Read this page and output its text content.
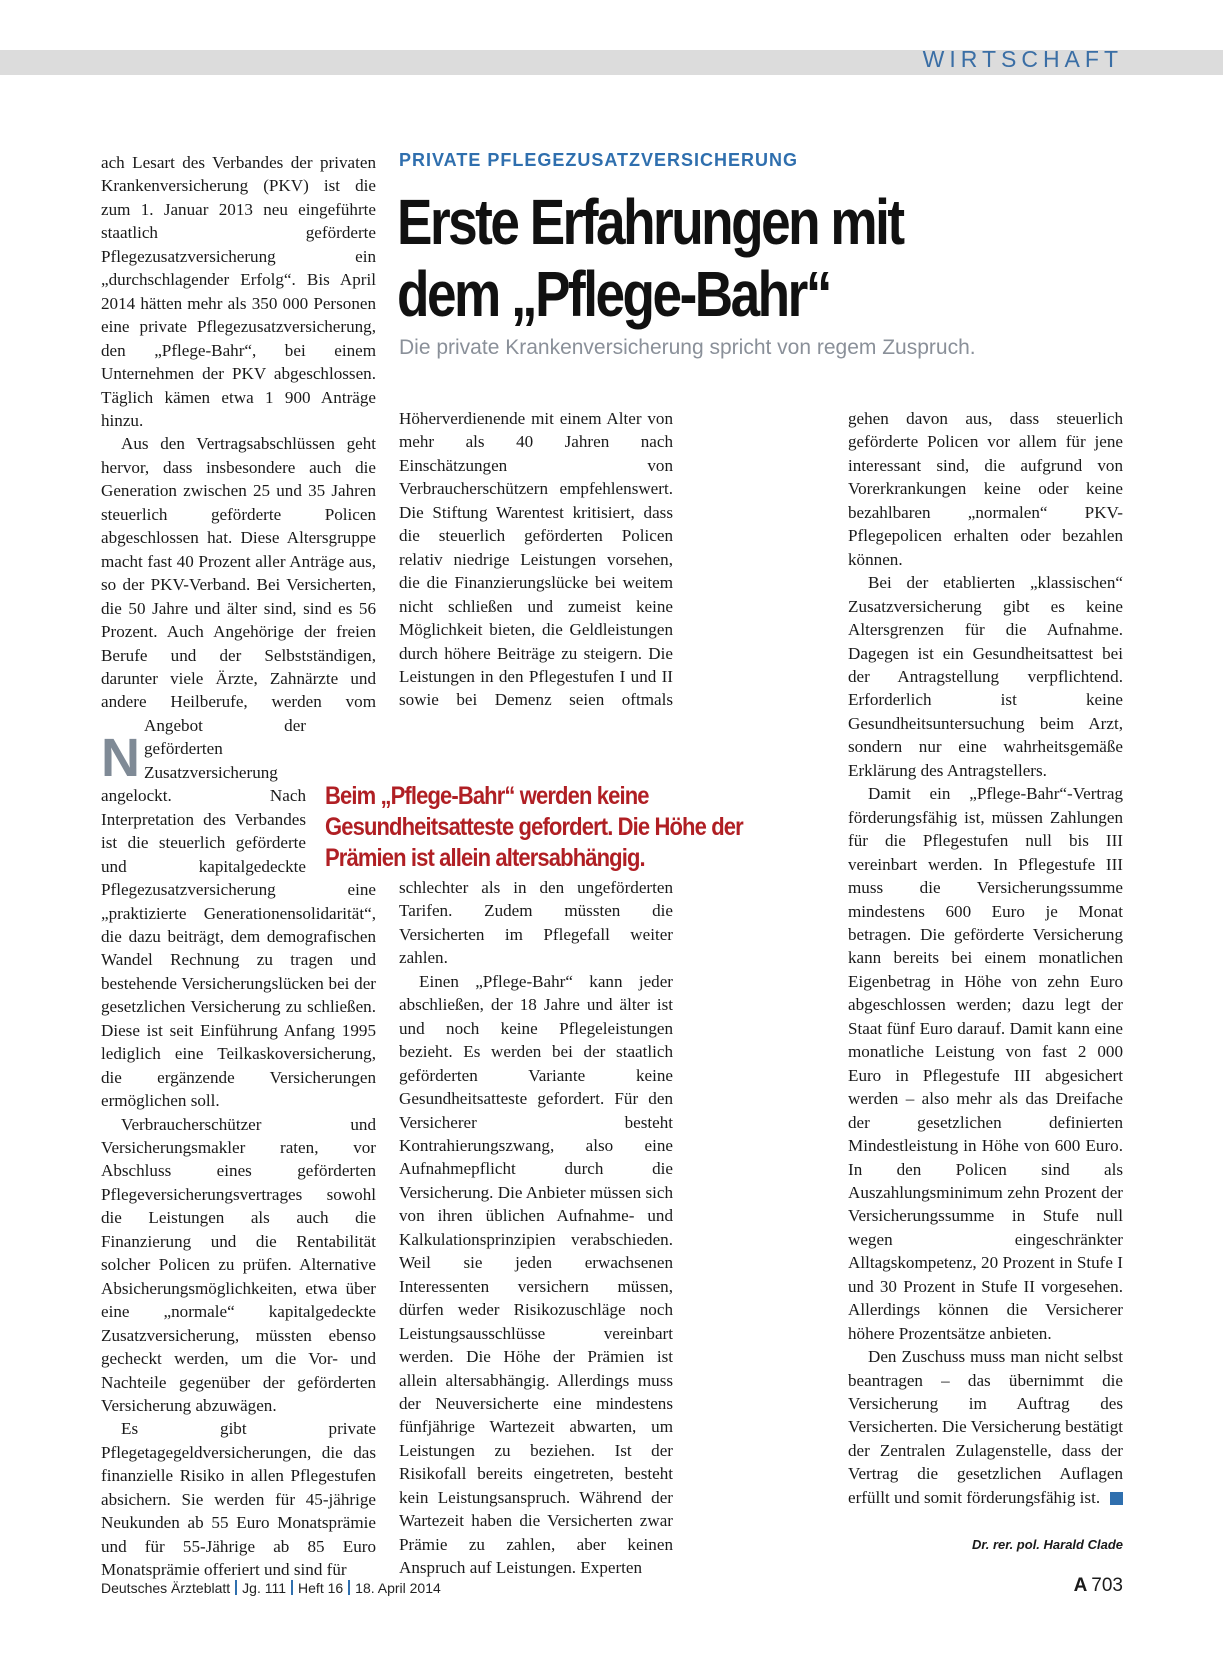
WIRTSCHAFT

N
ach Lesart des Verbandes der privaten Krankenversicherung (PKV) ist die zum 1. Januar 2013 neu eingeführte staatlich geförderte Pflegezusatzversicherung ein „durchschlagender Erfolg“. Bis April 2014 hätten mehr als 350 000 Personen eine private Pflegezusatzversicherung, den „Pflege-Bahr“, bei einem Unternehmen der PKV abgeschlossen. Täglich kämen etwa 1 900 Anträge hinzu.

Aus den Vertragsabschlüssen geht hervor, dass insbesondere auch die Generation zwischen 25 und 35 Jahren steuerlich geförderte Policen abgeschlossen hat. Diese Altersgruppe macht fast 40 Prozent aller Anträge aus, so der PKV-Verband. Bei Versicherten, die 50 Jahre und älter sind, sind es 56 Prozent. Auch Angehörige der freien Berufe und der Selbstständigen, darunter viele Ärzte, Zahnärzte und andere Heilberufe, werden vom Angebot der geförderten Zusatzversicherung angelockt. Nach Interpretation des Verbandes ist die steuerlich geförderte und kapitalgedeckte Pflegezusatzversicherung eine „praktizierte Generationensolidarität“, die dazu beiträgt, dem demografischen Wandel Rechnung zu tragen und bestehende Versicherungslücken bei der gesetzlichen Versicherung zu schließen. Diese ist seit Einführung Anfang 1995 lediglich eine Teilkaskoversicherung, die ergänzende Versicherungen ermöglichen soll.

Verbraucherschützer und Versicherungsmakler raten, vor Abschluss eines geförderten Pflegeversicherungsvertrages sowohl die Leistungen als auch die Finanzierung und die Rentabilität solcher Policen zu prüfen. Alternative Absicherungsmöglichkeiten, etwa über eine „normale“ kapitalgedeckte Zusatzversicherung, müssten ebenso gecheckt werden, um die Vor- und Nachteile gegenüber der geförderten Versicherung abzuwägen.

Es gibt private Pflegetagegeldversicherungen, die das finanzielle Risiko in allen Pflegestufen absichern. Sie werden für 45-jährige Neukunden ab 55 Euro Monatsprämie und für 55-Jährige ab 85 Euro Monatsprämie offeriert und sind für

PRIVATE PFLEGEZUSATZVERSICHERUNG
Erste Erfahrungen mit
dem „Pflege-Bahr“
Die private Krankenversicherung spricht von regem Zuspruch.

Höherverdienende mit einem Alter von mehr als 40 Jahren nach Einschätzungen von Verbraucherschützern empfehlenswert. Die Stiftung Warentest kritisiert, dass die steuerlich geförderten Policen relativ niedrige Leistungen vorsehen, die die Finanzierungslücke bei weitem nicht schließen und zumeist keine Möglichkeit bieten, die Geldleistungen durch höhere Beiträge zu steigern. Die Leistungen in den Pflegestufen I und II sowie bei Demenz seien oftmals schlechter als in den ungeförderten Tarifen. Zudem müssten die Versicherten im Pflegefall weiter zahlen.

Einen „Pflege-Bahr“ kann jeder abschließen, der 18 Jahre und älter ist und noch keine Pflegeleistungen bezieht. Es werden bei der staatlich geförderten Variante keine Gesundheitsatteste gefordert. Für den Versicherer besteht Kontrahierungszwang, also eine Aufnahmepflicht durch die Versicherung. Die Anbieter müssen sich von ihren üblichen Aufnahme- und Kalkulationsprinzipien verabschieden. Weil sie jeden erwachsenen Interessenten versichern müssen, dürfen weder Risikozuschläge noch Leistungsausschlüsse vereinbart werden. Die Höhe der Prämien ist allein altersabhängig. Allerdings muss der Neuversicherte eine mindestens fünfjährige Wartezeit abwarten, um Leistungen zu beziehen. Ist der Risikofall bereits eingetreten, besteht kein Leistungsanspruch. Während der Wartezeit haben die Versicherten zwar Prämie zu zahlen, aber keinen Anspruch auf Leistungen. Experten

Beim „Pflege-Bahr“ werden keine Gesundheitsatteste gefordert. Die Höhe der Prämien ist allein altersabhängig.

gehen davon aus, dass steuerlich geförderte Policen vor allem für jene interessant sind, die aufgrund von Vorerkrankungen keine oder keine bezahlbaren „normalen“ PKV-Pflegepolicen erhalten oder bezahlen können.

Bei der etablierten „klassischen“ Zusatzversicherung gibt es keine Altersgrenzen für die Aufnahme. Dagegen ist ein Gesundheitsattest bei der Antragstellung verpflichtend. Erforderlich ist keine Gesundheitsuntersuchung beim Arzt, sondern nur eine wahrheitsgemäße Erklärung des Antragstellers.

Damit ein „Pflege-Bahr“-Vertrag förderungsfähig ist, müssen Zahlungen für die Pflegestufen null bis III vereinbart werden. In Pflegestufe III muss die Versicherungssumme mindestens 600 Euro je Monat betragen. Die geförderte Versicherung kann bereits bei einem monatlichen Eigenbetrag in Höhe von zehn Euro abgeschlossen werden; dazu legt der Staat fünf Euro darauf. Damit kann eine monatliche Leistung von fast 2 000 Euro in Pflegestufe III abgesichert werden – also mehr als das Dreifache der gesetzlichen definierten Mindestleistung in Höhe von 600 Euro. In den Policen sind als Auszahlungsminimum zehn Prozent der Versicherungssumme in Stufe null wegen eingeschränkter Alltagskompetenz, 20 Prozent in Stufe I und 30 Prozent in Stufe II vorgesehen. Allerdings können die Versicherer höhere Prozentsätze anbieten.

Den Zuschuss muss man nicht selbst beantragen – das übernimmt die Versicherung im Auftrag des Versicherten. Die Versicherung bestätigt der Zentralen Zulagenstelle, dass der Vertrag die gesetzlichen Auflagen erfüllt und somit förderungsfähig ist.

Dr. rer. pol. Harald Clade
Deutsches Ärzteblatt Jg. 111 Heft 16 18. April 2014	A 703
